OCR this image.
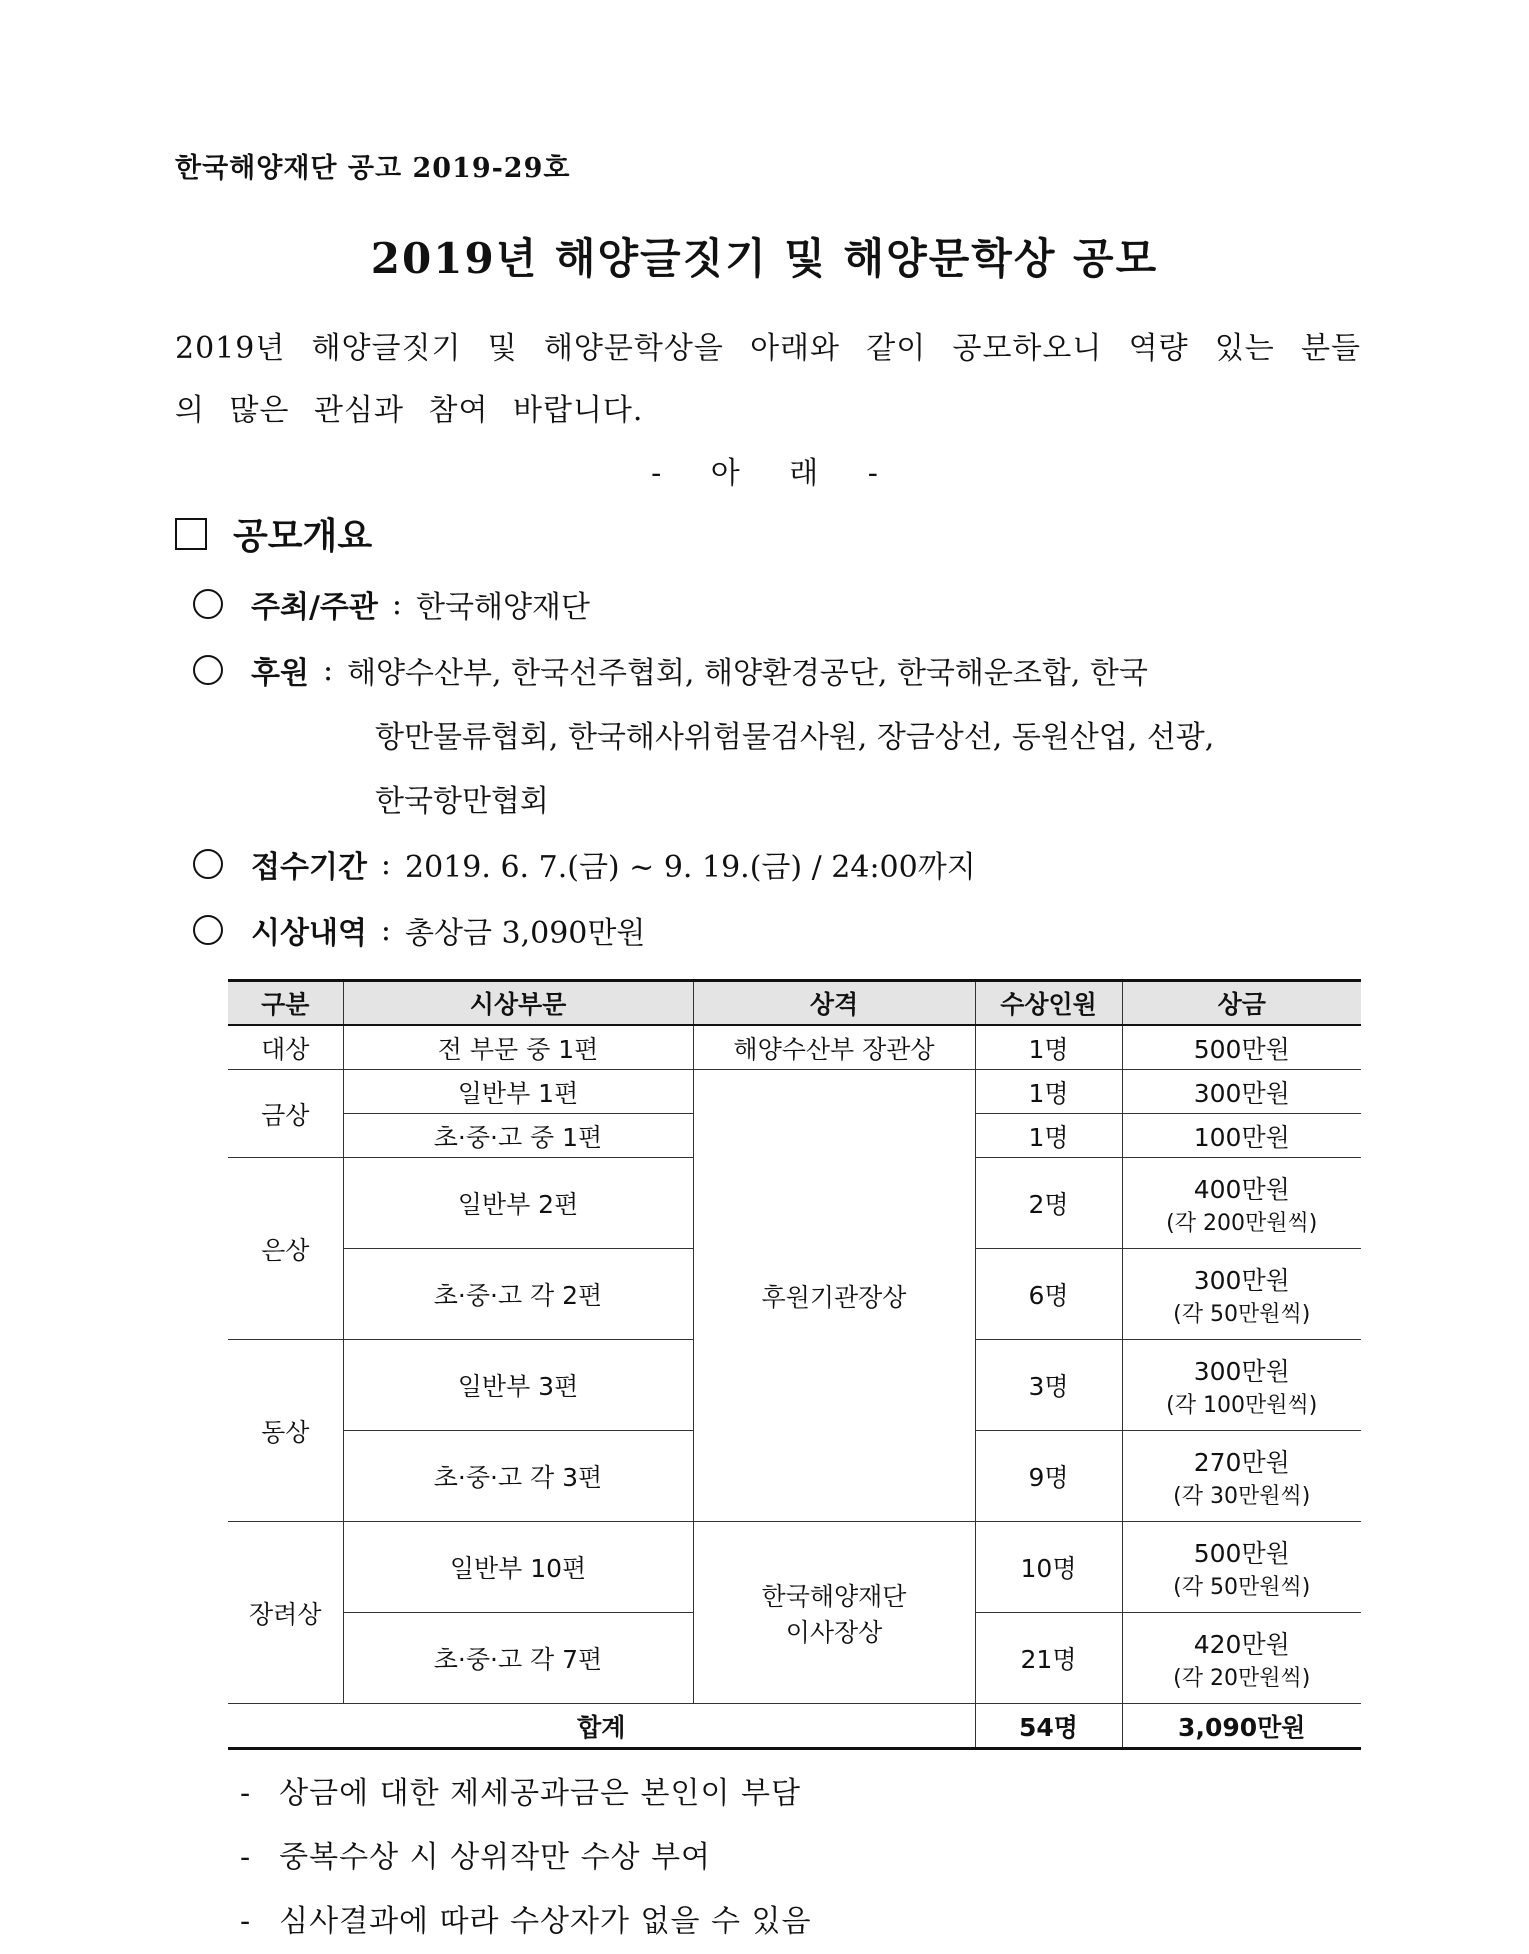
한국해양재단 공고 2019-29호
2019년 해양글짓기 및 해양문학상 공모
2019년 해양글짓기 및 해양문학상을 아래와 같이 공모하오니 역량 있는 분들의 많은 관심과 참여 바랍니다.
- 아 래 -
공모개요
주최/주관 : 한국해양재단
후원 : 해양수산부, 한국선주협회, 해양환경공단, 한국해운조합, 한국
항만물류협회, 한국해사위험물검사원, 장금상선, 동원산업, 선광,
한국항만협회
접수기간 : 2019. 6. 7.(금) ~ 9. 19.(금) / 24:00까지
시상내역 : 총상금 3,090만원
구분	시상부문	상격	수상인원	상금
대상	전 부문 중 1편	해양수산부 장관상	1명	500만원
금상	일반부 1편	후원기관장상	1명	300만원
	초·중·고 중 1편		1명	100만원
은상	일반부 2편		2명	400만원
(각 200만원씩)

	초·중·고 각 2편		6명	300만원
(각 50만원씩)

동상	일반부 3편		3명	300만원
(각 100만원씩)

	초·중·고 각 3편		9명	270만원
(각 30만원씩)

장려상	일반부 10편	한국해양재단
이사장상	10명	500만원
(각 50만원씩)

	초·중·고 각 7편		21명	420만원
(각 20만원씩)

합계			54명	3,090만원
- 상금에 대한 제세공과금은 본인이 부담
- 중복수상 시 상위작만 수상 부여
- 심사결과에 따라 수상자가 없을 수 있음
